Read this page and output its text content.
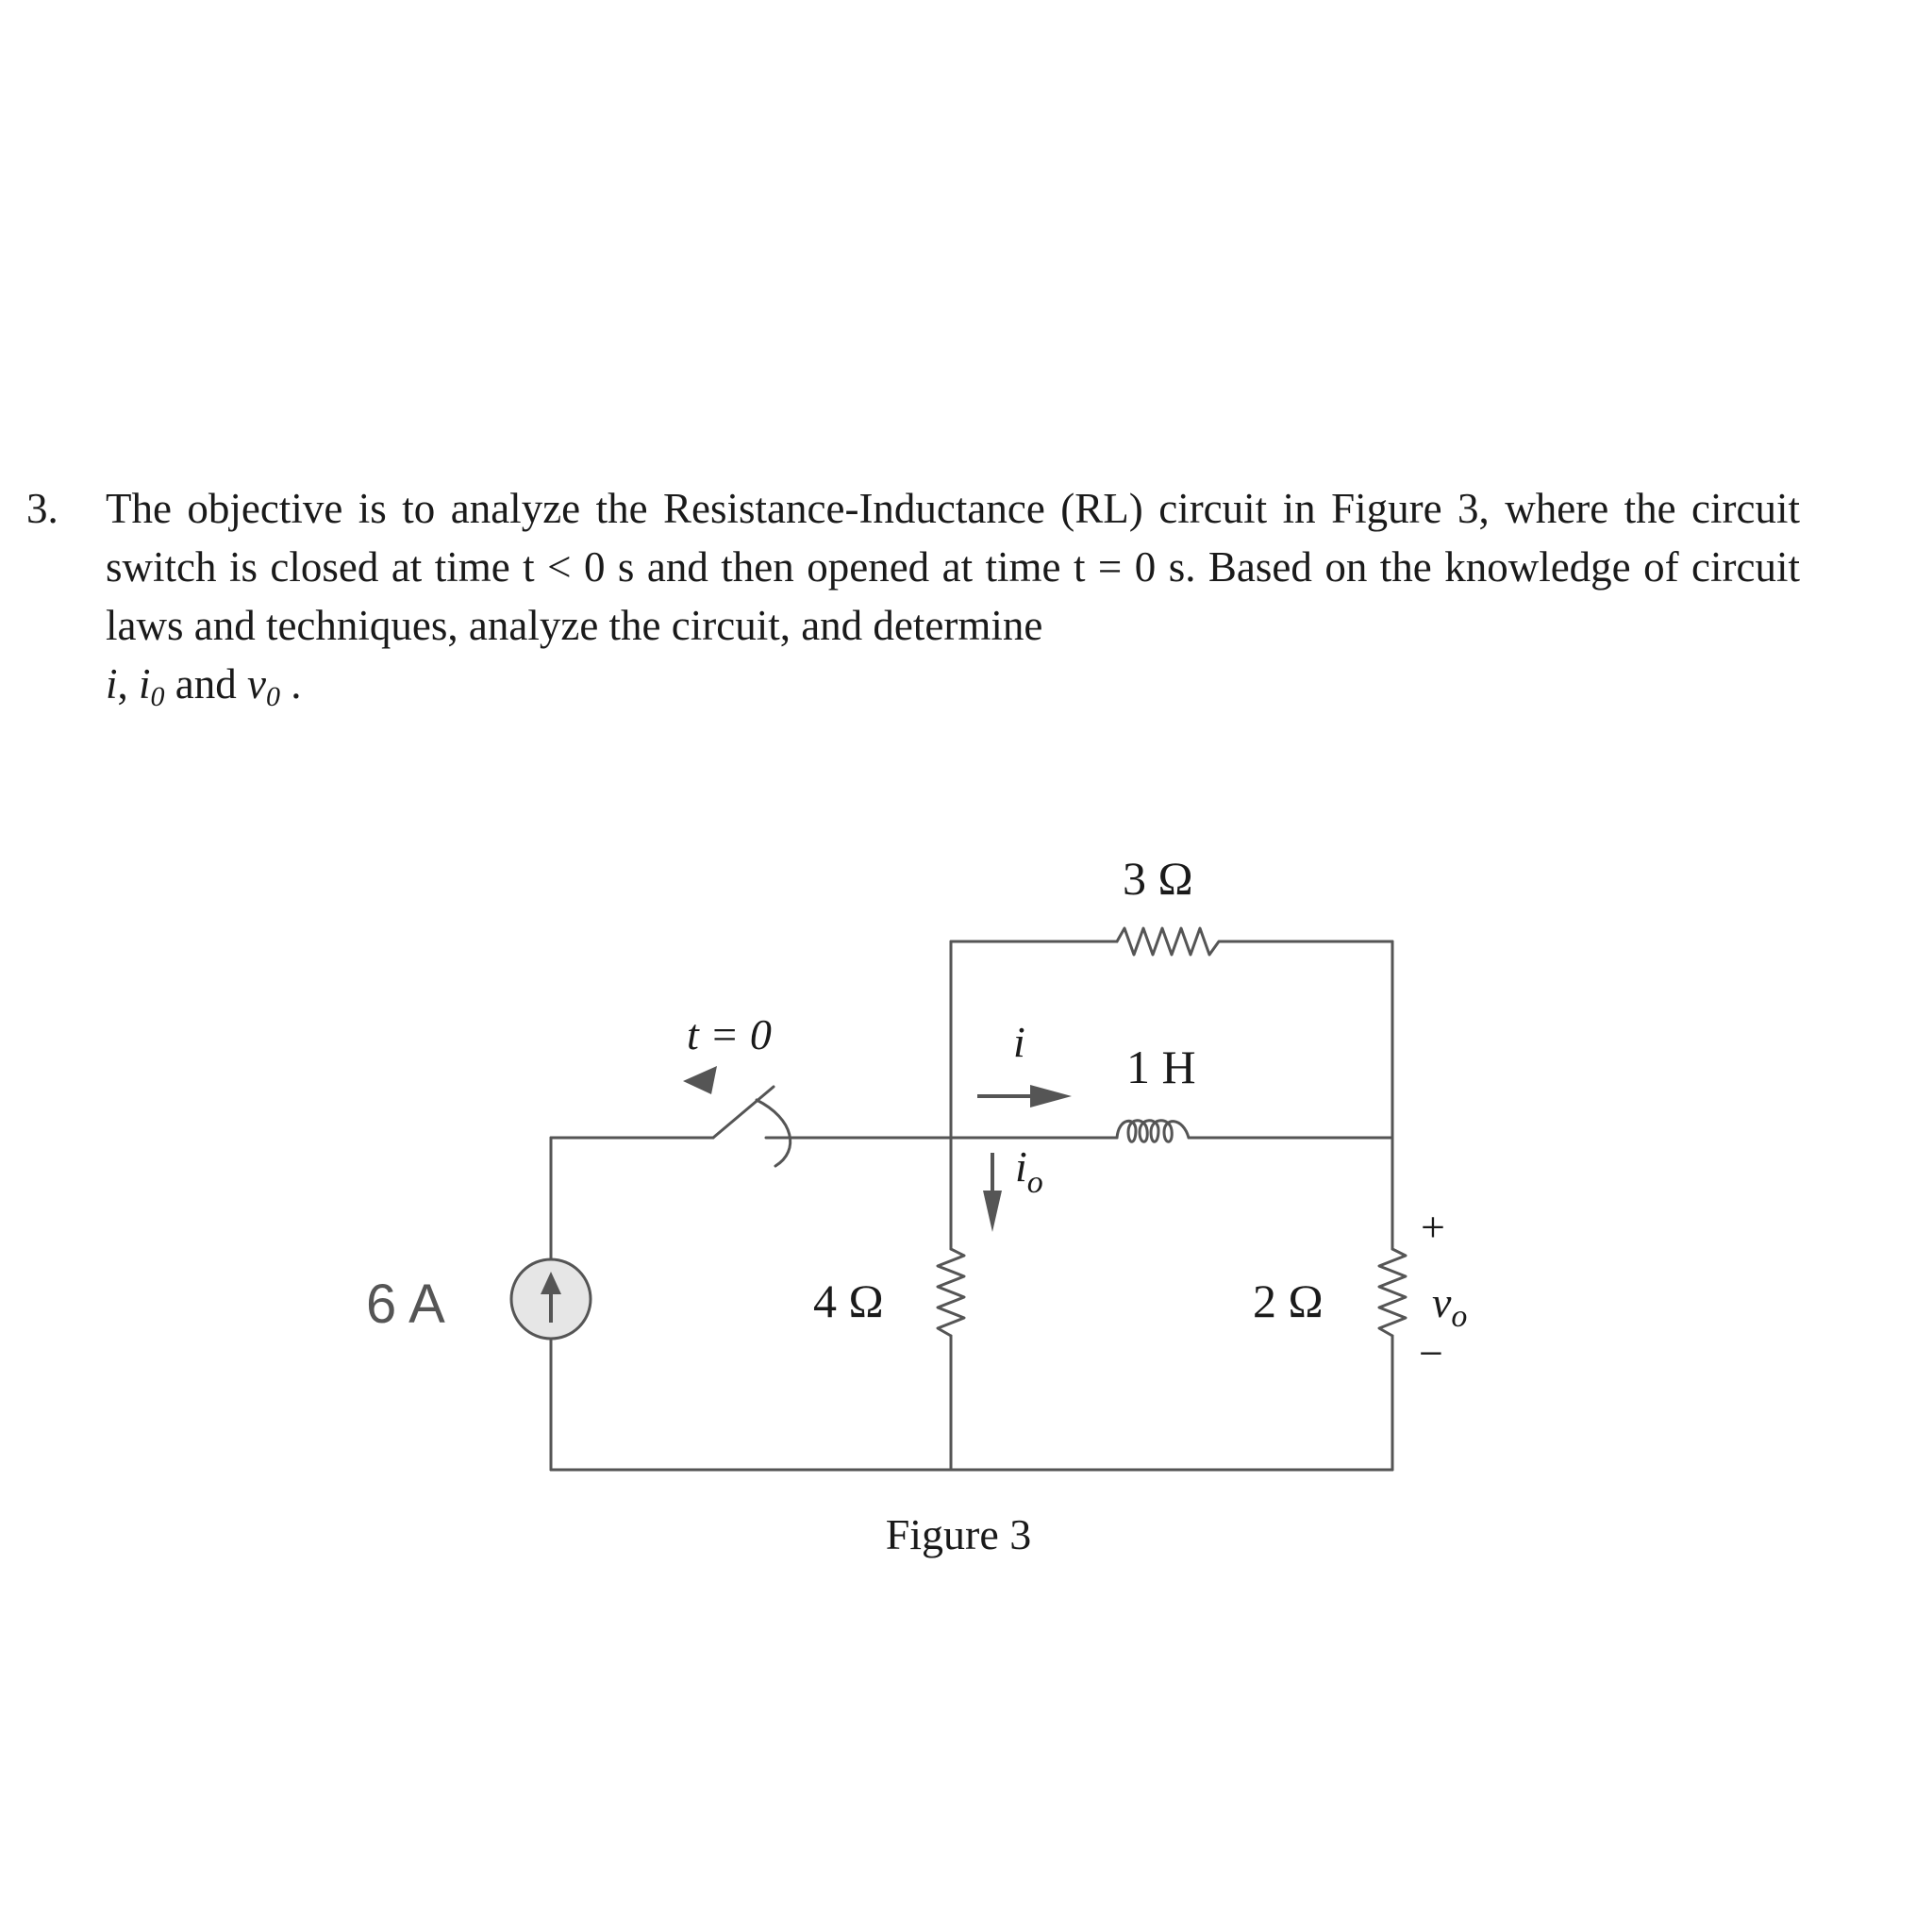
3. The objective is to analyze the Resistance-Inductance (RL) circuit in Figure 3, where the circuit switch is closed at time t < 0 s and then opened at time t = 0 s. Based on the knowledge of circuit laws and techniques, analyze the circuit, and determine
i, $i_0$ and $v_0$ .
6 A
t = 0
3 Ω
1 H
4 Ω	2 Ω
i
$i_o$
+
$v_o$
−
Figure 3
